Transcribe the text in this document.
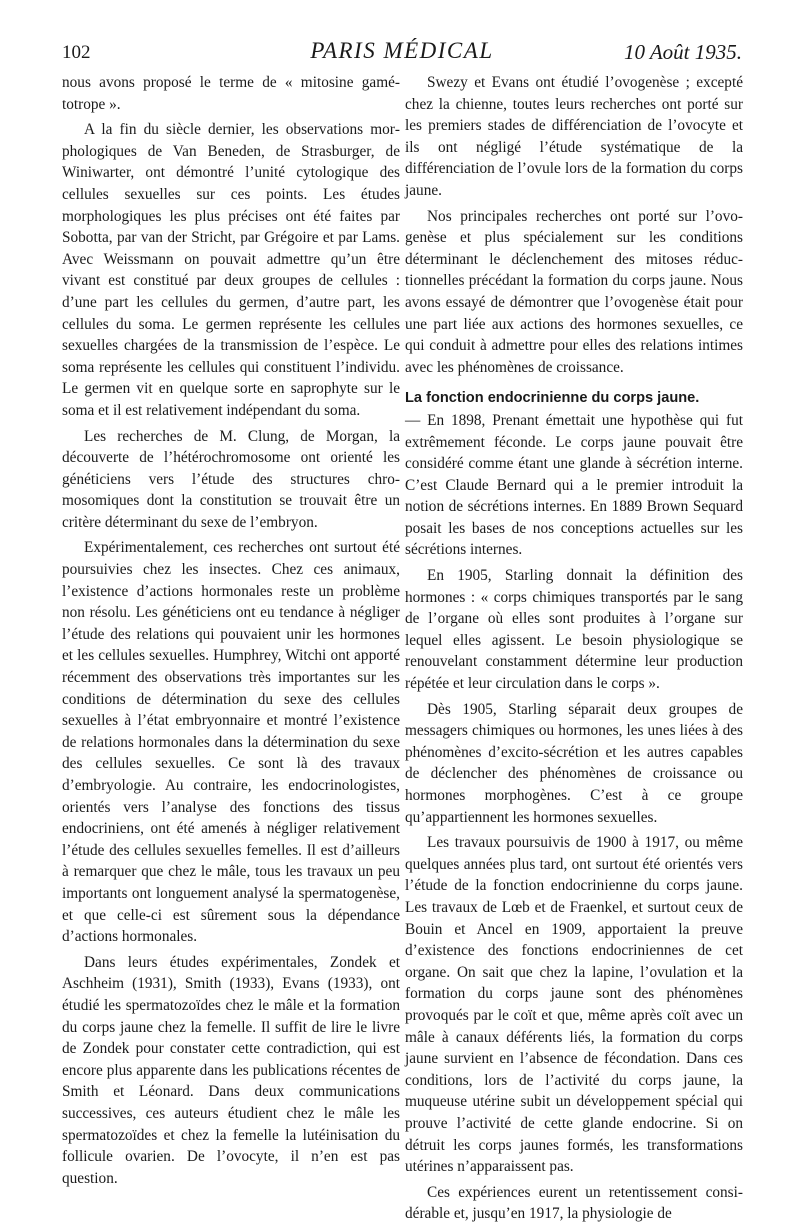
102	PARIS MÉDICAL	10 Août 1935.

nous avons proposé le terme de « mitosine gamétotrope ».

A la fin du siècle dernier, les observations morphologiques de Van Beneden, de Strasburger, de Winiwarter, ont démontré l’unité cytologique des cellules sexuelles sur ces points. Les études morphologiques les plus précises ont été faites par Sobotta, par van der Stricht, par Grégoire et par Lams. Avec Weissmann on pouvait admettre qu’un être vivant est constitué par deux groupes de cellules : d’une part les cellules du germen, d’autre part, les cellules du soma. Le germen représente les cellules sexuelles chargées de la transmission de l’espèce. Le soma représente les cellules qui constituent l’individu. Le germen vit en quelque sorte en saprophyte sur le soma et il est relativement indépendant du soma.

Les recherches de M. Clung, de Morgan, la découverte de l’hétérochromosome ont orienté les généticiens vers l’étude des structures chromosomiques dont la constitution se trouvait être un critère déterminant du sexe de l’embryon.

Expérimentalement, ces recherches ont surtout été poursuivies chez les insectes. Chez ces animaux, l’existence d’actions hormonales reste un problème non résolu. Les généticiens ont eu tendance à négliger l’étude des relations qui pouvaient unir les hormones et les cellules sexuelles. Humphrey, Witchi ont apporté récemment des observations très importantes sur les conditions de détermination du sexe des cellules sexuelles à l’état embryonnaire et montré l’existence de relations hormonales dans la détermination du sexe des cellules sexuelles. Ce sont là des travaux d’embryologie. Au contraire, les endocrinologistes, orientés vers l’analyse des fonctions des tissus endocriniens, ont été amenés à négliger relativement l’étude des cellules sexuelles femelles. Il est d’ailleurs à remarquer que chez le mâle, tous les travaux un peu importants ont longuement analysé la spermatogenèse, et que celle-ci est sûrement sous la dépendance d’actions hormonales.

Dans leurs études expérimentales, Zondek et Aschheim (1931), Smith (1933), Evans (1933), ont étudié les spermatozoïdes chez le mâle et la formation du corps jaune chez la femelle. Il suffit de lire le livre de Zondek pour constater cette contradiction, qui est encore plus apparente dans les publications récentes de Smith et Léonard. Dans deux communications successives, ces auteurs étudient chez le mâle les spermatozoïdes et chez la femelle la lutéinisation du follicule ovarien. De l’ovocyte, il n’en est pas question.

Swezy et Evans ont étudié l’ovogenèse ; excepté chez la chienne, toutes leurs recherches ont porté sur les premiers stades de différenciation de l’ovocyte et ils ont négligé l’étude systématique de la différenciation de l’ovule lors de la formation du corps jaune.

Nos principales recherches ont porté sur l’ovogenèse et plus spécialement sur les conditions déterminant le déclenchement des mitoses réductionnelles précédant la formation du corps jaune. Nous avons essayé de démontrer que l’ovogenèse était pour une part liée aux actions des hormones sexuelles, ce qui conduit à admettre pour elles des relations intimes avec les phénomènes de croissance.

La fonction endocrinienne du corps jaune.
— En 1898, Prenant émettait une hypothèse qui fut extrêmement féconde. Le corps jaune pouvait être considéré comme étant une glande à sécrétion interne. C’est Claude Bernard qui a le premier introduit la notion de sécrétions internes. En 1889 Brown Sequard posait les bases de nos conceptions actuelles sur les sécrétions internes.

En 1905, Starling donnait la définition des hormones : « corps chimiques transportés par le sang de l’organe où elles sont produites à l’organe sur lequel elles agissent. Le besoin physiologique se renouvelant constamment détermine leur production répétée et leur circulation dans le corps ».

Dès 1905, Starling séparait deux groupes de messagers chimiques ou hormones, les unes liées à des phénomènes d’excito-sécrétion et les autres capables de déclencher des phénomènes de croissance ou hormones morphogènes. C’est à ce groupe qu’appartiennent les hormones sexuelles.

Les travaux poursuivis de 1900 à 1917, ou même quelques années plus tard, ont surtout été orientés vers l’étude de la fonction endocrinienne du corps jaune. Les travaux de Lœb et de Fraenkel, et surtout ceux de Bouin et Ancel en 1909, apportaient la preuve d’existence des fonctions endocriniennes de cet organe. On sait que chez la lapine, l’ovulation et la formation du corps jaune sont des phénomènes provoqués par le coït et que, même après coït avec un mâle à canaux déférents liés, la formation du corps jaune survient en l’absence de fécondation. Dans ces conditions, lors de l’activité du corps jaune, la muqueuse utérine subit un développement spécial qui prouve l’activité de cette glande endocrine. Si on détruit les corps jaunes formés, les transformations utérines n’apparaissent pas.

Ces expériences eurent un retentissement considérable et, jusqu’en 1917, la physiologie de
